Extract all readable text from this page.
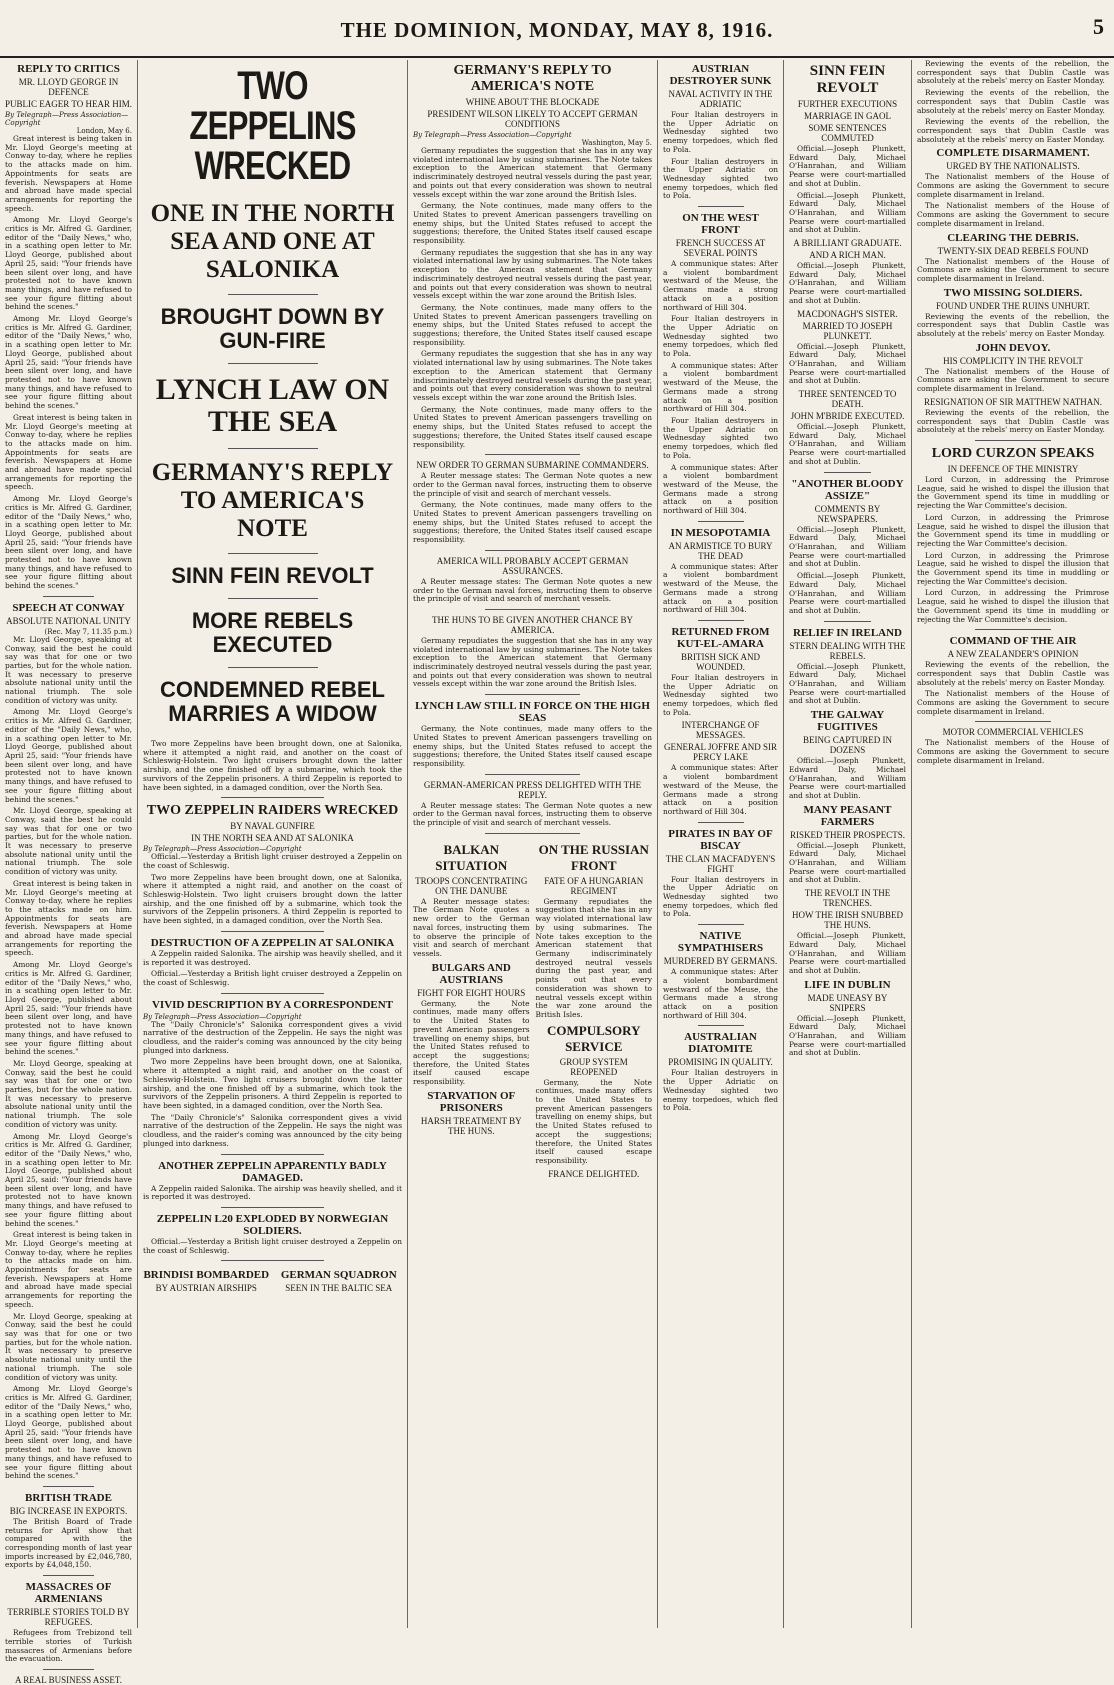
THE DOMINION, MONDAY, MAY 8, 1916.	5
REPLY TO CRITICS
MR. LLOYD GEORGE IN DEFENCE
PUBLIC EAGER TO HEAR HIM.
By Telegraph—Press Association—Copyright
London, May 6.

Great interest is being taken in Mr. Lloyd George's meeting at Conway to-day, where he replies to the attacks made on him. Appointments for seats are feverish. Newspapers at Home and abroad have made special arrangements for reporting the speech.

Among Mr. Lloyd George's critics is Mr. Alfred G. Gardiner, editor of the "Daily News," who, in a scathing open letter to Mr. Lloyd George, published about April 25, said: "Your friends have been silent over long, and have protested not to have known many things, and have refused to see your figure flitting about behind the scenes."

Among Mr. Lloyd George's critics is Mr. Alfred G. Gardiner, editor of the "Daily News," who, in a scathing open letter to Mr. Lloyd George, published about April 25, said: "Your friends have been silent over long, and have protested not to have known many things, and have refused to see your figure flitting about behind the scenes."

Great interest is being taken in Mr. Lloyd George's meeting at Conway to-day, where he replies to the attacks made on him. Appointments for seats are feverish. Newspapers at Home and abroad have made special arrangements for reporting the speech.

Among Mr. Lloyd George's critics is Mr. Alfred G. Gardiner, editor of the "Daily News," who, in a scathing open letter to Mr. Lloyd George, published about April 25, said: "Your friends have been silent over long, and have protested not to have known many things, and have refused to see your figure flitting about behind the scenes."

SPEECH AT CONWAY
ABSOLUTE NATIONAL UNITY
(Rec. May 7, 11.35 p.m.)

Mr. Lloyd George, speaking at Conway, said the best he could say was that for one or two parties, but for the whole nation. It was necessary to preserve absolute national unity until the national triumph. The sole condition of victory was unity.

Among Mr. Lloyd George's critics is Mr. Alfred G. Gardiner, editor of the "Daily News," who, in a scathing open letter to Mr. Lloyd George, published about April 25, said: "Your friends have been silent over long, and have protested not to have known many things, and have refused to see your figure flitting about behind the scenes."

Mr. Lloyd George, speaking at Conway, said the best he could say was that for one or two parties, but for the whole nation. It was necessary to preserve absolute national unity until the national triumph. The sole condition of victory was unity.

Great interest is being taken in Mr. Lloyd George's meeting at Conway to-day, where he replies to the attacks made on him. Appointments for seats are feverish. Newspapers at Home and abroad have made special arrangements for reporting the speech.

Among Mr. Lloyd George's critics is Mr. Alfred G. Gardiner, editor of the "Daily News," who, in a scathing open letter to Mr. Lloyd George, published about April 25, said: "Your friends have been silent over long, and have protested not to have known many things, and have refused to see your figure flitting about behind the scenes."

Mr. Lloyd George, speaking at Conway, said the best he could say was that for one or two parties, but for the whole nation. It was necessary to preserve absolute national unity until the national triumph. The sole condition of victory was unity.

Among Mr. Lloyd George's critics is Mr. Alfred G. Gardiner, editor of the "Daily News," who, in a scathing open letter to Mr. Lloyd George, published about April 25, said: "Your friends have been silent over long, and have protested not to have known many things, and have refused to see your figure flitting about behind the scenes."

Great interest is being taken in Mr. Lloyd George's meeting at Conway to-day, where he replies to the attacks made on him. Appointments for seats are feverish. Newspapers at Home and abroad have made special arrangements for reporting the speech.

Mr. Lloyd George, speaking at Conway, said the best he could say was that for one or two parties, but for the whole nation. It was necessary to preserve absolute national unity until the national triumph. The sole condition of victory was unity.

Among Mr. Lloyd George's critics is Mr. Alfred G. Gardiner, editor of the "Daily News," who, in a scathing open letter to Mr. Lloyd George, published about April 25, said: "Your friends have been silent over long, and have protested not to have known many things, and have refused to see your figure flitting about behind the scenes."

BRITISH TRADE
BIG INCREASE IN EXPORTS.

The British Board of Trade returns for April show that compared with the corresponding month of last year imports increased by £2,046,780, exports by £4,048,150.

MASSACRES OF ARMENIANS
TERRIBLE STORIES TOLD BY REFUGEES.

Refugees from Trebizond tell terrible stories of Turkish massacres of Armenians before the evacuation.

A REAL BUSINESS ASSET.
TWO ZEPPELINS WRECKED
ONE IN THE NORTH SEA AND ONE AT SALONIKA
BROUGHT DOWN BY GUN-FIRE
LYNCH LAW ON THE SEA
GERMANY'S REPLY TO AMERICA'S NOTE
SINN FEIN REVOLT
MORE REBELS EXECUTED
CONDEMNED REBEL MARRIES A WIDOW

Two more Zeppelins have been brought down, one at Salonika, where it attempted a night raid, and another on the coast of Schleswig-Holstein. Two light cruisers brought down the latter airship, and the one finished off by a submarine, which took the survivors of the Zeppelin prisoners. A third Zeppelin is reported to have been sighted, in a damaged condition, over the North Sea.

TWO ZEPPELIN RAIDERS WRECKED
BY NAVAL GUNFIRE
IN THE NORTH SEA AND AT SALONIKA
By Telegraph—Press Association—Copyright

Official.—Yesterday a British light cruiser destroyed a Zeppelin on the coast of Schleswig.

Two more Zeppelins have been brought down, one at Salonika, where it attempted a night raid, and another on the coast of Schleswig-Holstein. Two light cruisers brought down the latter airship, and the one finished off by a submarine, which took the survivors of the Zeppelin prisoners. A third Zeppelin is reported to have been sighted, in a damaged condition, over the North Sea.

DESTRUCTION OF A ZEPPELIN AT SALONIKA

A Zeppelin raided Salonika. The airship was heavily shelled, and it is reported it was destroyed.

Official.—Yesterday a British light cruiser destroyed a Zeppelin on the coast of Schleswig.

VIVID DESCRIPTION BY A CORRESPONDENT
By Telegraph—Press Association—Copyright

The "Daily Chronicle's" Salonika correspondent gives a vivid narrative of the destruction of the Zeppelin. He says the night was cloudless, and the raider's coming was announced by the city being plunged into darkness.

Two more Zeppelins have been brought down, one at Salonika, where it attempted a night raid, and another on the coast of Schleswig-Holstein. Two light cruisers brought down the latter airship, and the one finished off by a submarine, which took the survivors of the Zeppelin prisoners. A third Zeppelin is reported to have been sighted, in a damaged condition, over the North Sea.

The "Daily Chronicle's" Salonika correspondent gives a vivid narrative of the destruction of the Zeppelin. He says the night was cloudless, and the raider's coming was announced by the city being plunged into darkness.

ANOTHER ZEPPELIN APPARENTLY BADLY DAMAGED.

A Zeppelin raided Salonika. The airship was heavily shelled, and it is reported it was destroyed.

ZEPPELIN L20 EXPLODED BY NORWEGIAN SOLDIERS.

Official.—Yesterday a British light cruiser destroyed a Zeppelin on the coast of Schleswig.

BRINDISI BOMBARDED
BY AUSTRIAN AIRSHIPS
GERMAN SQUADRON
SEEN IN THE BALTIC SEA
GERMANY'S REPLY TO AMERICA'S NOTE
WHINE ABOUT THE BLOCKADE
PRESIDENT WILSON LIKELY TO ACCEPT GERMAN CONDITIONS
By Telegraph—Press Association—Copyright
Washington, May 5.

Germany repudiates the suggestion that she has in any way violated international law by using submarines. The Note takes exception to the American statement that Germany indiscriminately destroyed neutral vessels during the past year, and points out that every consideration was shown to neutral vessels except within the war zone around the British Isles.

Germany, the Note continues, made many offers to the United States to prevent American passengers travelling on enemy ships, but the United States refused to accept the suggestions; therefore, the United States itself caused escape responsibility.

Germany repudiates the suggestion that she has in any way violated international law by using submarines. The Note takes exception to the American statement that Germany indiscriminately destroyed neutral vessels during the past year, and points out that every consideration was shown to neutral vessels except within the war zone around the British Isles.

Germany, the Note continues, made many offers to the United States to prevent American passengers travelling on enemy ships, but the United States refused to accept the suggestions; therefore, the United States itself caused escape responsibility.

Germany repudiates the suggestion that she has in any way violated international law by using submarines. The Note takes exception to the American statement that Germany indiscriminately destroyed neutral vessels during the past year, and points out that every consideration was shown to neutral vessels except within the war zone around the British Isles.

Germany, the Note continues, made many offers to the United States to prevent American passengers travelling on enemy ships, but the United States refused to accept the suggestions; therefore, the United States itself caused escape responsibility.

NEW ORDER TO GERMAN SUBMARINE COMMANDERS.

A Reuter message states: The German Note quotes a new order to the German naval forces, instructing them to observe the principle of visit and search of merchant vessels.

Germany, the Note continues, made many offers to the United States to prevent American passengers travelling on enemy ships, but the United States refused to accept the suggestions; therefore, the United States itself caused escape responsibility.

AMERICA WILL PROBABLY ACCEPT GERMAN ASSURANCES.

A Reuter message states: The German Note quotes a new order to the German naval forces, instructing them to observe the principle of visit and search of merchant vessels.

THE HUNS TO BE GIVEN ANOTHER CHANCE BY AMERICA.

Germany repudiates the suggestion that she has in any way violated international law by using submarines. The Note takes exception to the American statement that Germany indiscriminately destroyed neutral vessels during the past year, and points out that every consideration was shown to neutral vessels except within the war zone around the British Isles.

LYNCH LAW STILL IN FORCE ON THE HIGH SEAS

Germany, the Note continues, made many offers to the United States to prevent American passengers travelling on enemy ships, but the United States refused to accept the suggestions; therefore, the United States itself caused escape responsibility.

GERMAN-AMERICAN PRESS DELIGHTED WITH THE REPLY.

A Reuter message states: The German Note quotes a new order to the German naval forces, instructing them to observe the principle of visit and search of merchant vessels.

BALKAN SITUATION
TROOPS CONCENTRATING ON THE DANUBE

A Reuter message states: The German Note quotes a new order to the German naval forces, instructing them to observe the principle of visit and search of merchant vessels.

BULGARS AND AUSTRIANS
FIGHT FOR EIGHT HOURS

Germany, the Note continues, made many offers to the United States to prevent American passengers travelling on enemy ships, but the United States refused to accept the suggestions; therefore, the United States itself caused escape responsibility.

STARVATION OF PRISONERS
HARSH TREATMENT BY THE HUNS.
ON THE RUSSIAN FRONT
FATE OF A HUNGARIAN REGIMENT

Germany repudiates the suggestion that she has in any way violated international law by using submarines. The Note takes exception to the American statement that Germany indiscriminately destroyed neutral vessels during the past year, and points out that every consideration was shown to neutral vessels except within the war zone around the British Isles.

COMPULSORY SERVICE
GROUP SYSTEM REOPENED

Germany, the Note continues, made many offers to the United States to prevent American passengers travelling on enemy ships, but the United States refused to accept the suggestions; therefore, the United States itself caused escape responsibility.

FRANCE DELIGHTED.
AUSTRIAN DESTROYER SUNK
NAVAL ACTIVITY IN THE ADRIATIC

Four Italian destroyers in the Upper Adriatic on Wednesday sighted two enemy torpedoes, which fled to Pola.

Four Italian destroyers in the Upper Adriatic on Wednesday sighted two enemy torpedoes, which fled to Pola.

ON THE WEST FRONT
FRENCH SUCCESS AT SEVERAL POINTS

A communique states: After a violent bombardment westward of the Meuse, the Germans made a strong attack on a position northward of Hill 304.

Four Italian destroyers in the Upper Adriatic on Wednesday sighted two enemy torpedoes, which fled to Pola.

A communique states: After a violent bombardment westward of the Meuse, the Germans made a strong attack on a position northward of Hill 304.

Four Italian destroyers in the Upper Adriatic on Wednesday sighted two enemy torpedoes, which fled to Pola.

A communique states: After a violent bombardment westward of the Meuse, the Germans made a strong attack on a position northward of Hill 304.

IN MESOPOTAMIA
AN ARMISTICE TO BURY THE DEAD

A communique states: After a violent bombardment westward of the Meuse, the Germans made a strong attack on a position northward of Hill 304.

RETURNED FROM KUT-EL-AMARA
BRITISH SICK AND WOUNDED.

Four Italian destroyers in the Upper Adriatic on Wednesday sighted two enemy torpedoes, which fled to Pola.

INTERCHANGE OF MESSAGES.
GENERAL JOFFRE AND SIR PERCY LAKE

A communique states: After a violent bombardment westward of the Meuse, the Germans made a strong attack on a position northward of Hill 304.

PIRATES IN BAY OF BISCAY
THE CLAN MACFADYEN'S FIGHT

Four Italian destroyers in the Upper Adriatic on Wednesday sighted two enemy torpedoes, which fled to Pola.

NATIVE SYMPATHISERS
MURDERED BY GERMANS.

A communique states: After a violent bombardment westward of the Meuse, the Germans made a strong attack on a position northward of Hill 304.

AUSTRALIAN DIATOMITE
PROMISING IN QUALITY.

Four Italian destroyers in the Upper Adriatic on Wednesday sighted two enemy torpedoes, which fled to Pola.

SINN FEIN REVOLT
FURTHER EXECUTIONS
MARRIAGE IN GAOL
SOME SENTENCES COMMUTED

Official.—Joseph Plunkett, Edward Daly, Michael O'Hanrahan, and William Pearse were court-martialled and shot at Dublin.

Official.—Joseph Plunkett, Edward Daly, Michael O'Hanrahan, and William Pearse were court-martialled and shot at Dublin.

A BRILLIANT GRADUATE.
AND A RICH MAN.

Official.—Joseph Plunkett, Edward Daly, Michael O'Hanrahan, and William Pearse were court-martialled and shot at Dublin.

MACDONAGH'S SISTER.
MARRIED TO JOSEPH PLUNKETT.

Official.—Joseph Plunkett, Edward Daly, Michael O'Hanrahan, and William Pearse were court-martialled and shot at Dublin.

THREE SENTENCED TO DEATH.
JOHN M'BRIDE EXECUTED.

Official.—Joseph Plunkett, Edward Daly, Michael O'Hanrahan, and William Pearse were court-martialled and shot at Dublin.

"ANOTHER BLOODY ASSIZE"
COMMENTS BY NEWSPAPERS.

Official.—Joseph Plunkett, Edward Daly, Michael O'Hanrahan, and William Pearse were court-martialled and shot at Dublin.

Official.—Joseph Plunkett, Edward Daly, Michael O'Hanrahan, and William Pearse were court-martialled and shot at Dublin.

RELIEF IN IRELAND
STERN DEALING WITH THE REBELS.

Official.—Joseph Plunkett, Edward Daly, Michael O'Hanrahan, and William Pearse were court-martialled and shot at Dublin.

THE GALWAY FUGITIVES
BEING CAPTURED IN DOZENS

Official.—Joseph Plunkett, Edward Daly, Michael O'Hanrahan, and William Pearse were court-martialled and shot at Dublin.

MANY PEASANT FARMERS
RISKED THEIR PROSPECTS.

Official.—Joseph Plunkett, Edward Daly, Michael O'Hanrahan, and William Pearse were court-martialled and shot at Dublin.

THE REVOLT IN THE TRENCHES.
HOW THE IRISH SNUBBED THE HUNS.

Official.—Joseph Plunkett, Edward Daly, Michael O'Hanrahan, and William Pearse were court-martialled and shot at Dublin.

LIFE IN DUBLIN
MADE UNEASY BY SNIPERS

Official.—Joseph Plunkett, Edward Daly, Michael O'Hanrahan, and William Pearse were court-martialled and shot at Dublin.

Reviewing the events of the rebellion, the correspondent says that Dublin Castle was absolutely at the rebels' mercy on Easter Monday.

Reviewing the events of the rebellion, the correspondent says that Dublin Castle was absolutely at the rebels' mercy on Easter Monday.

Reviewing the events of the rebellion, the correspondent says that Dublin Castle was absolutely at the rebels' mercy on Easter Monday.

COMPLETE DISARMAMENT.
URGED BY THE NATIONALISTS.

The Nationalist members of the House of Commons are asking the Government to secure complete disarmament in Ireland.

The Nationalist members of the House of Commons are asking the Government to secure complete disarmament in Ireland.

CLEARING THE DEBRIS.
TWENTY-SIX DEAD REBELS FOUND

The Nationalist members of the House of Commons are asking the Government to secure complete disarmament in Ireland.

TWO MISSING SOLDIERS.
FOUND UNDER THE RUINS UNHURT.

Reviewing the events of the rebellion, the correspondent says that Dublin Castle was absolutely at the rebels' mercy on Easter Monday.

JOHN DEVOY.
HIS COMPLICITY IN THE REVOLT

The Nationalist members of the House of Commons are asking the Government to secure complete disarmament in Ireland.

RESIGNATION OF SIR MATTHEW NATHAN.

Reviewing the events of the rebellion, the correspondent says that Dublin Castle was absolutely at the rebels' mercy on Easter Monday.

LORD CURZON SPEAKS
IN DEFENCE OF THE MINISTRY

Lord Curzon, in addressing the Primrose League, said he wished to dispel the illusion that the Government spend its time in muddling or rejecting the War Committee's decision.

Lord Curzon, in addressing the Primrose League, said he wished to dispel the illusion that the Government spend its time in muddling or rejecting the War Committee's decision.

Lord Curzon, in addressing the Primrose League, said he wished to dispel the illusion that the Government spend its time in muddling or rejecting the War Committee's decision.

Lord Curzon, in addressing the Primrose League, said he wished to dispel the illusion that the Government spend its time in muddling or rejecting the War Committee's decision.

COMMAND OF THE AIR
A NEW ZEALANDER'S OPINION

Reviewing the events of the rebellion, the correspondent says that Dublin Castle was absolutely at the rebels' mercy on Easter Monday.

The Nationalist members of the House of Commons are asking the Government to secure complete disarmament in Ireland.

MOTOR COMMERCIAL VEHICLES

The Nationalist members of the House of Commons are asking the Government to secure complete disarmament in Ireland.
